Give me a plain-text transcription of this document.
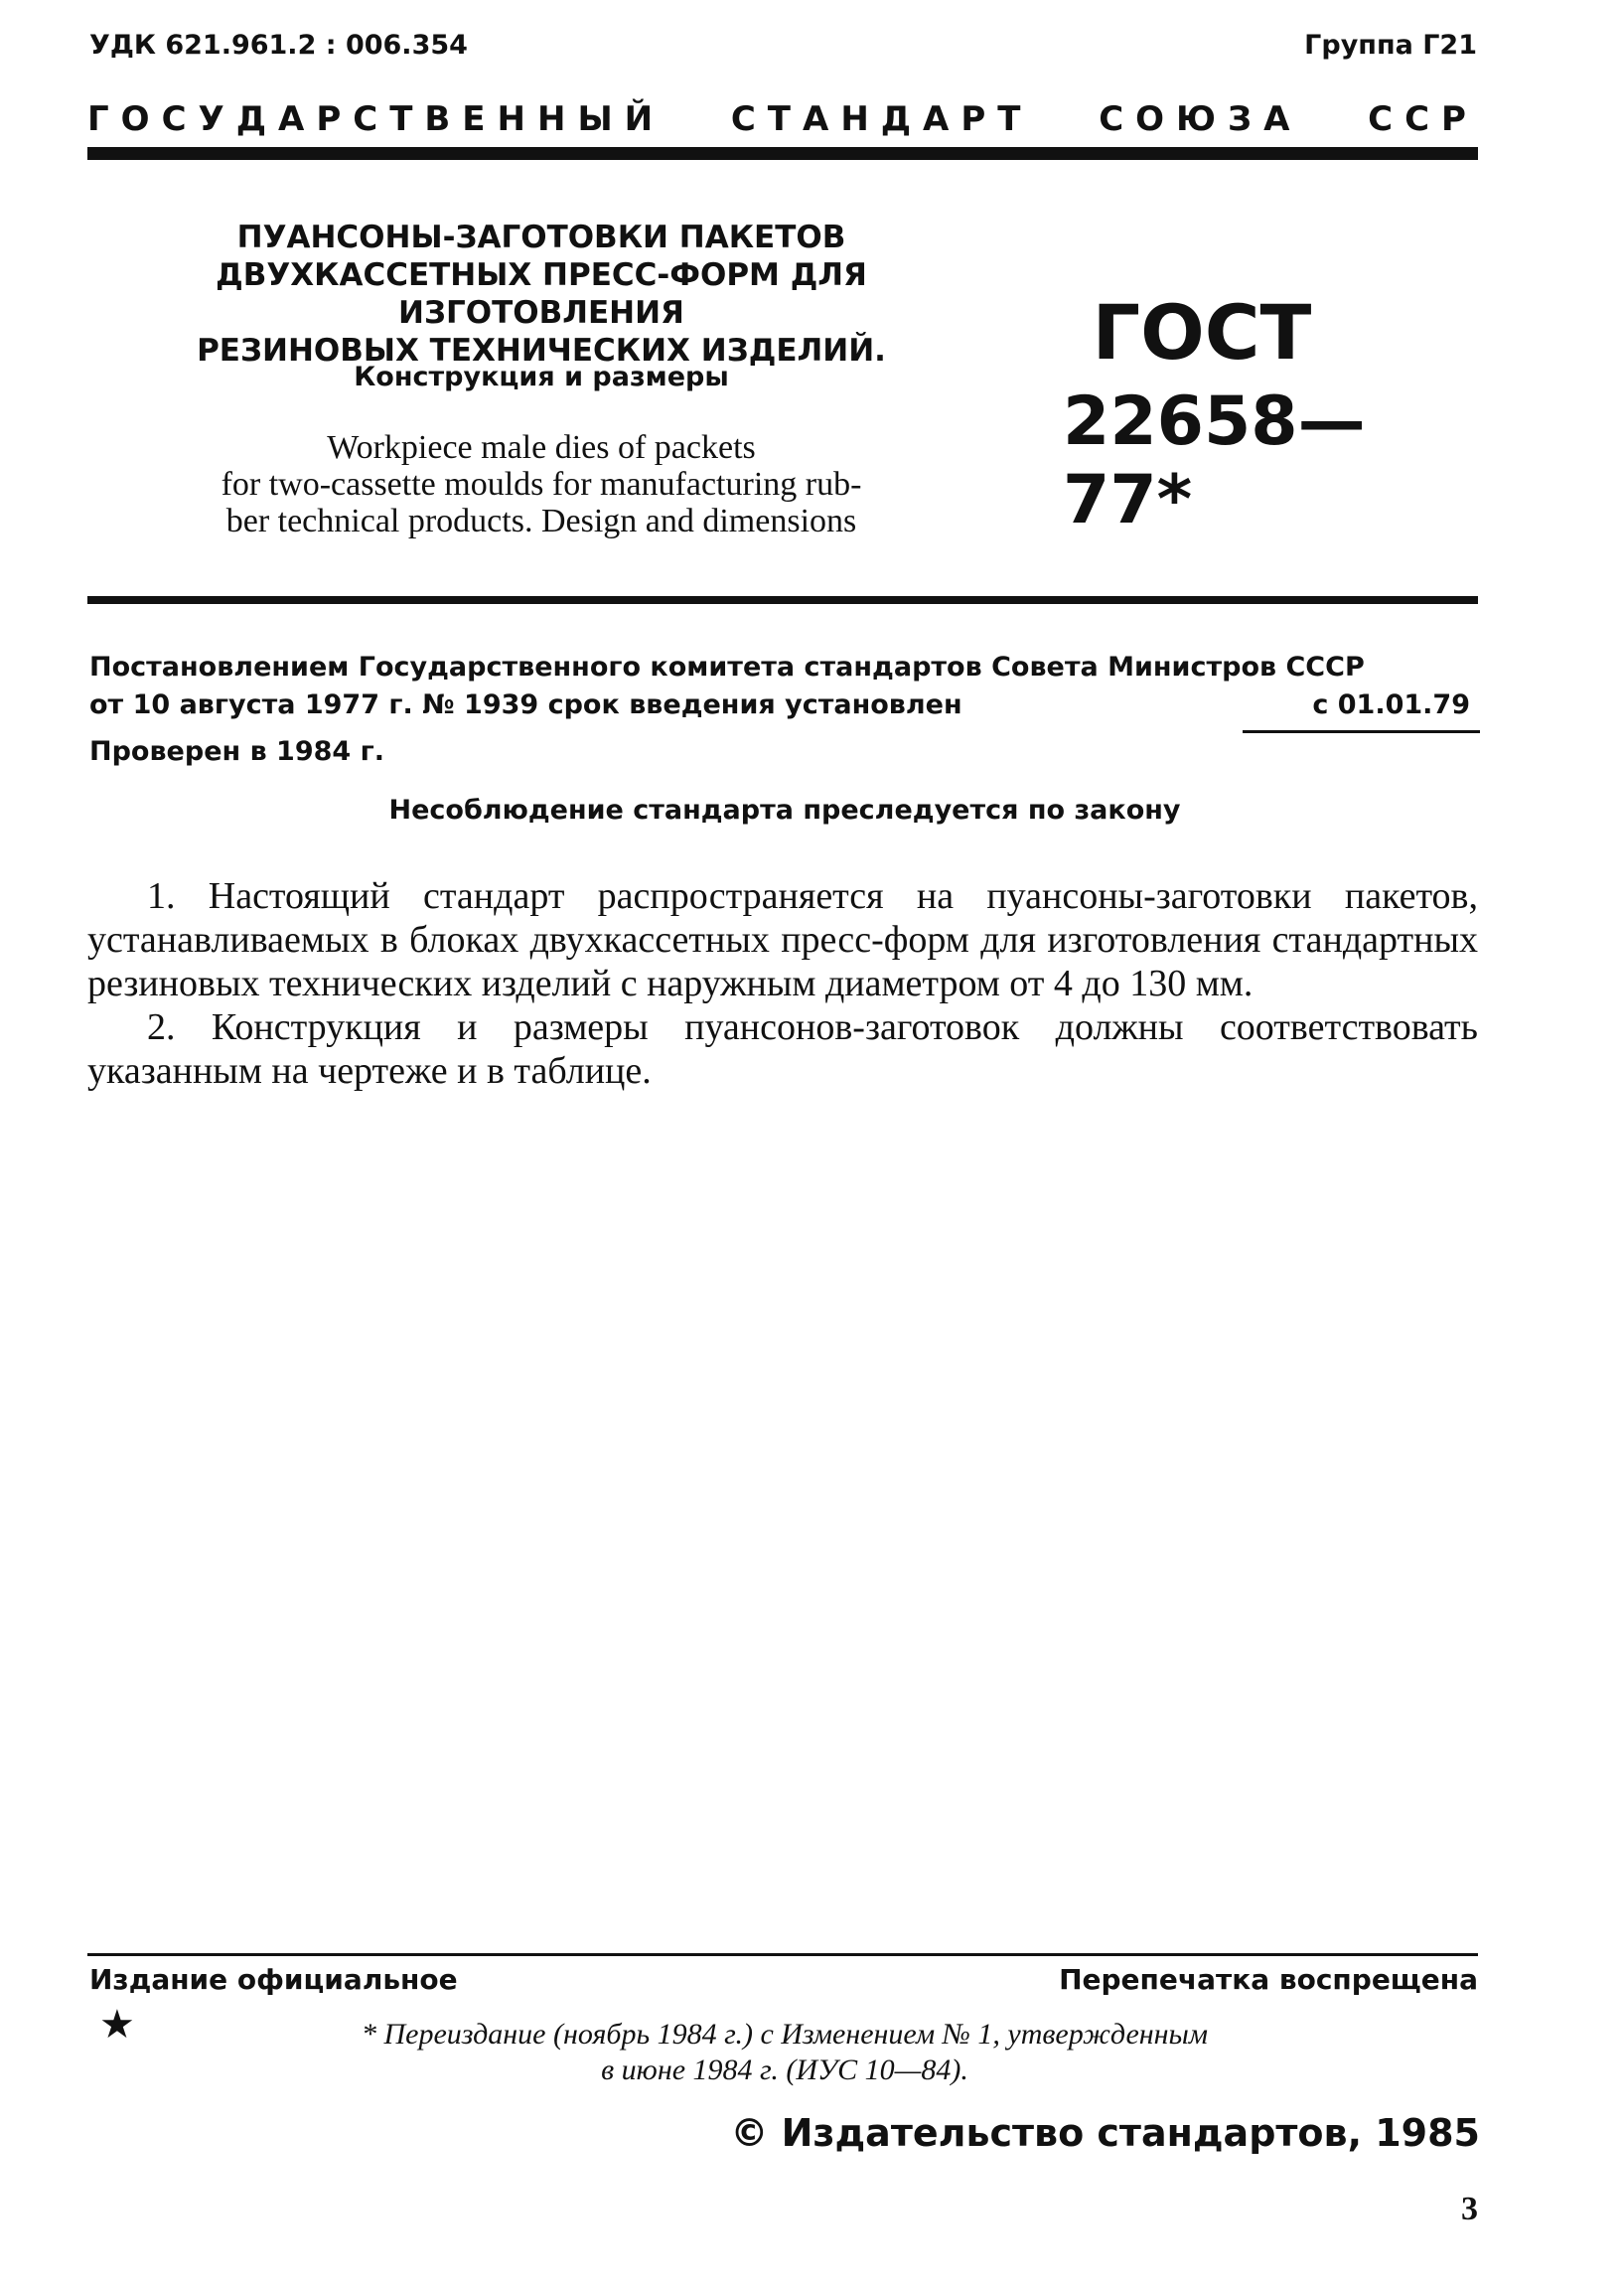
УДК 621.961.2 : 006.354	Группа Г21
ГОСУДАРСТВЕННЫЙ СТАНДАРТ СОЮЗА ССР
ПУАНСОНЫ-ЗАГОТОВКИ ПАКЕТОВ
ДВУХКАССЕТНЫХ ПРЕСС-ФОРМ ДЛЯ ИЗГОТОВЛЕНИЯ
РЕЗИНОВЫХ ТЕХНИЧЕСКИХ ИЗДЕЛИЙ.
Конструкция и размеры
Workpiece male dies of packets
for two-cassette moulds for manufacturing rub-
ber technical products. Design and dimensions
ГОСТ
22658—77*
Постановлением Государственного комитета стандартов Совета Министров СССР
от 10 августа 1977 г. № 1939 срок введения установлен	с 01.01.79
Проверен в 1984 г.
Несоблюдение стандарта преследуется по закону

1. Настоящий стандарт распространяется на пуансоны-заготовки пакетов, устанавливаемых в блоках двухкассетных пресс-форм для изготовления стандартных резиновых технических изделий с наружным диаметром от 4 до 130 мм.

2. Конструкция и размеры пуансонов-заготовок должны соответствовать указанным на чертеже и в таблице.

Издание официальное	Перепечатка воспрещена
★	* Переиздание (ноябрь 1984 г.) с Изменением № 1, утвержденным
в июне 1984 г. (ИУС 10—84).
© Издательство стандартов, 1985
3
